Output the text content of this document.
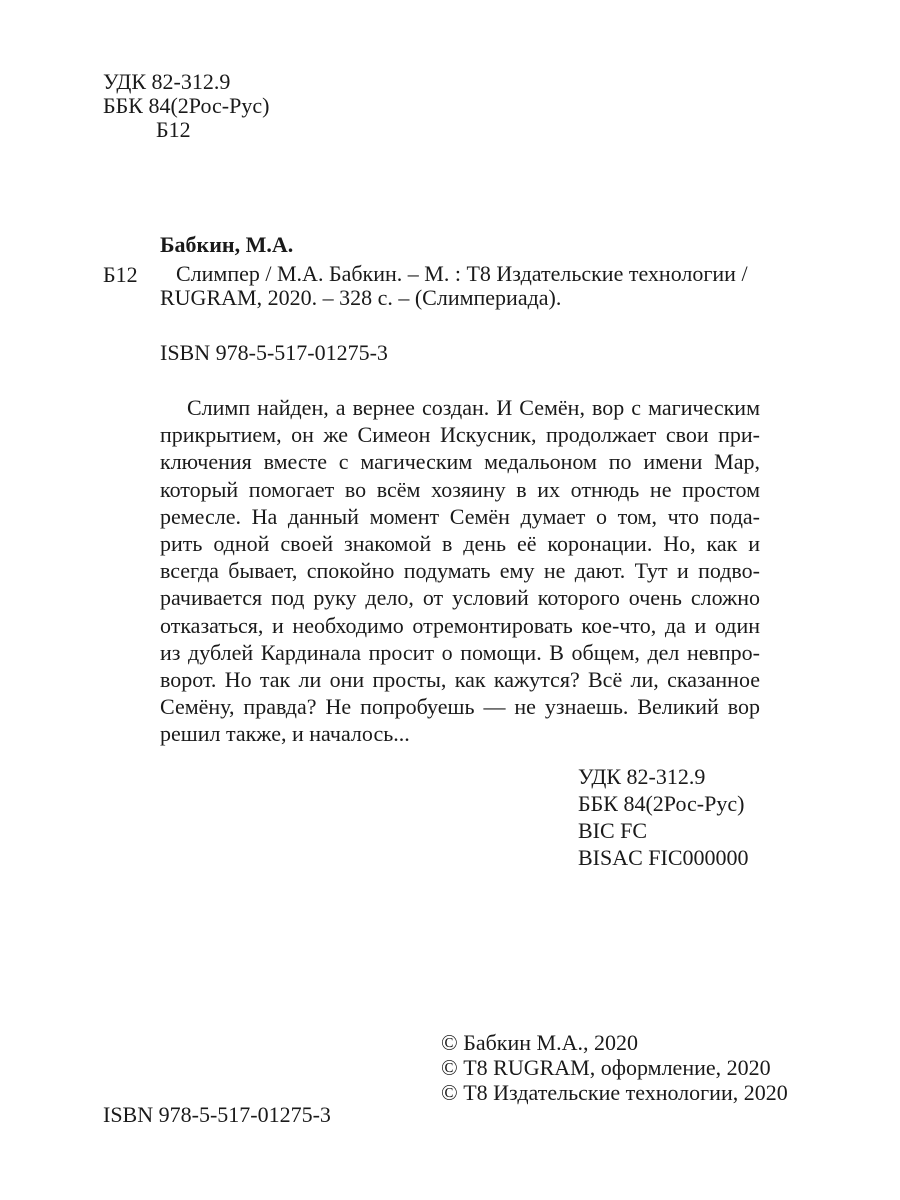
УДК 82-312.9
ББК 84(2Рос-Рус)
Б12
Бабкин, М.А.
Б12 Слимпер / М.А. Бабкин. – М. : Т8 Издательские технологии /
RUGRAM, 2020. – 328 с. – (Слимпериада).
ISBN 978-5-517-01275-3
Слимп найден, а вернее создан. И Семён, вор с магическим
прикрытием, он же Симеон Искусник, продолжает свои при-
ключения вместе с магическим медальоном по имени Мар,
который помогает во всём хозяину в их отнюдь не простом
ремесле. На данный момент Семён думает о том, что пода-
рить одной своей знакомой в день её коронации. Но, как и
всегда бывает, спокойно подумать ему не дают. Тут и подво-
рачивается под руку дело, от условий которого очень сложно
отказаться, и необходимо отремонтировать кое-что, да и один
из дублей Кардинала просит о помощи. В общем, дел невпро-
ворот. Но так ли они просты, как кажутся? Всё ли, сказанное
Семёну, правда? Не попробуешь — не узнаешь. Великий вор
решил также, и началось...
УДК 82-312.9
ББК 84(2Рос-Рус)
BIC FC
BISAC FIC000000
© Бабкин М.А., 2020
© Т8 RUGRAM, оформление, 2020
© Т8 Издательские технологии, 2020
ISBN 978-5-517-01275-3
